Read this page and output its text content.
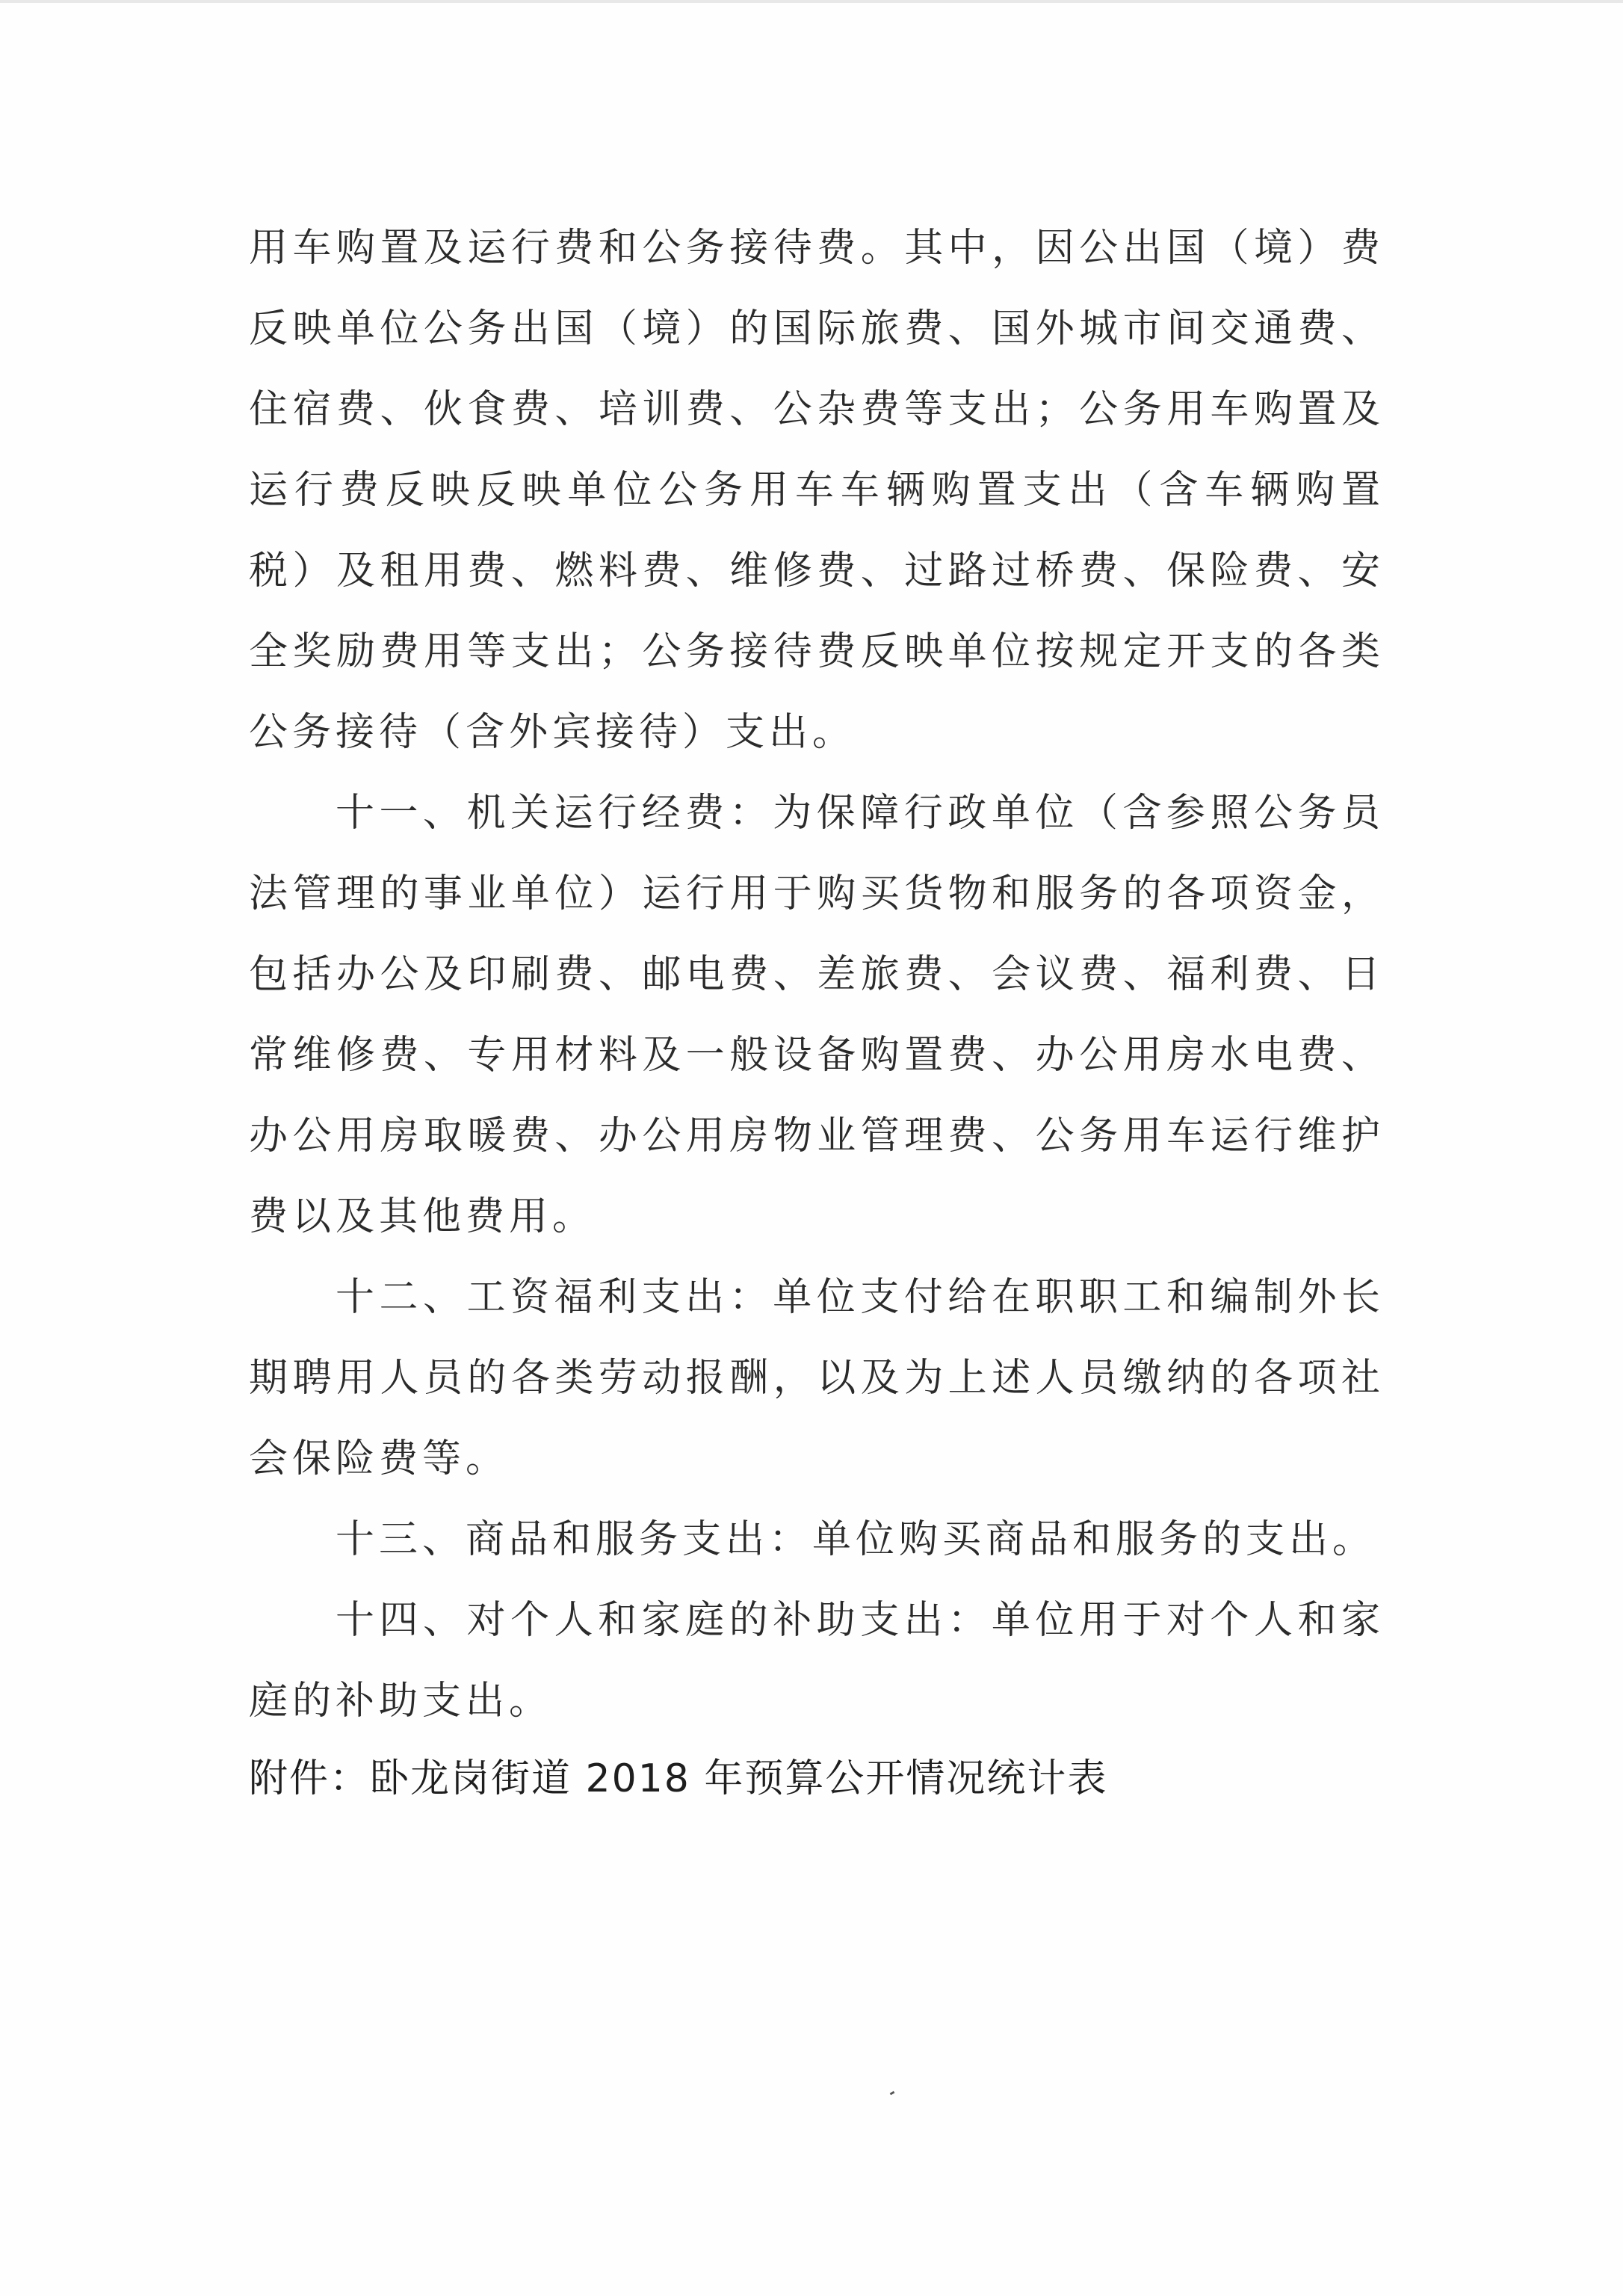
用车购置及运行费和公务接待费。其中，因公出国（境）费反映单位公务出国（境）的国际旅费、国外城市间交通费、住宿费、伙食费、培训费、公杂费等支出；公务用车购置及运行费反映反映单位公务用车车辆购置支出（含车辆购置税）及租用费、燃料费、维修费、过路过桥费、保险费、安全奖励费用等支出；公务接待费反映单位按规定开支的各类公务接待（含外宾接待）支出。

十一、机关运行经费：为保障行政单位（含参照公务员法管理的事业单位）运行用于购买货物和服务的各项资金，包括办公及印刷费、邮电费、差旅费、会议费、福利费、日常维修费、专用材料及一般设备购置费、办公用房水电费、办公用房取暖费、办公用房物业管理费、公务用车运行维护费以及其他费用。

十二、工资福利支出：单位支付给在职职工和编制外长期聘用人员的各类劳动报酬，以及为上述人员缴纳的各项社会保险费等。

十三、商品和服务支出：单位购买商品和服务的支出。

十四、对个人和家庭的补助支出：单位用于对个人和家庭的补助支出。

附件：卧龙岗街道 2018 年预算公开情况统计表
